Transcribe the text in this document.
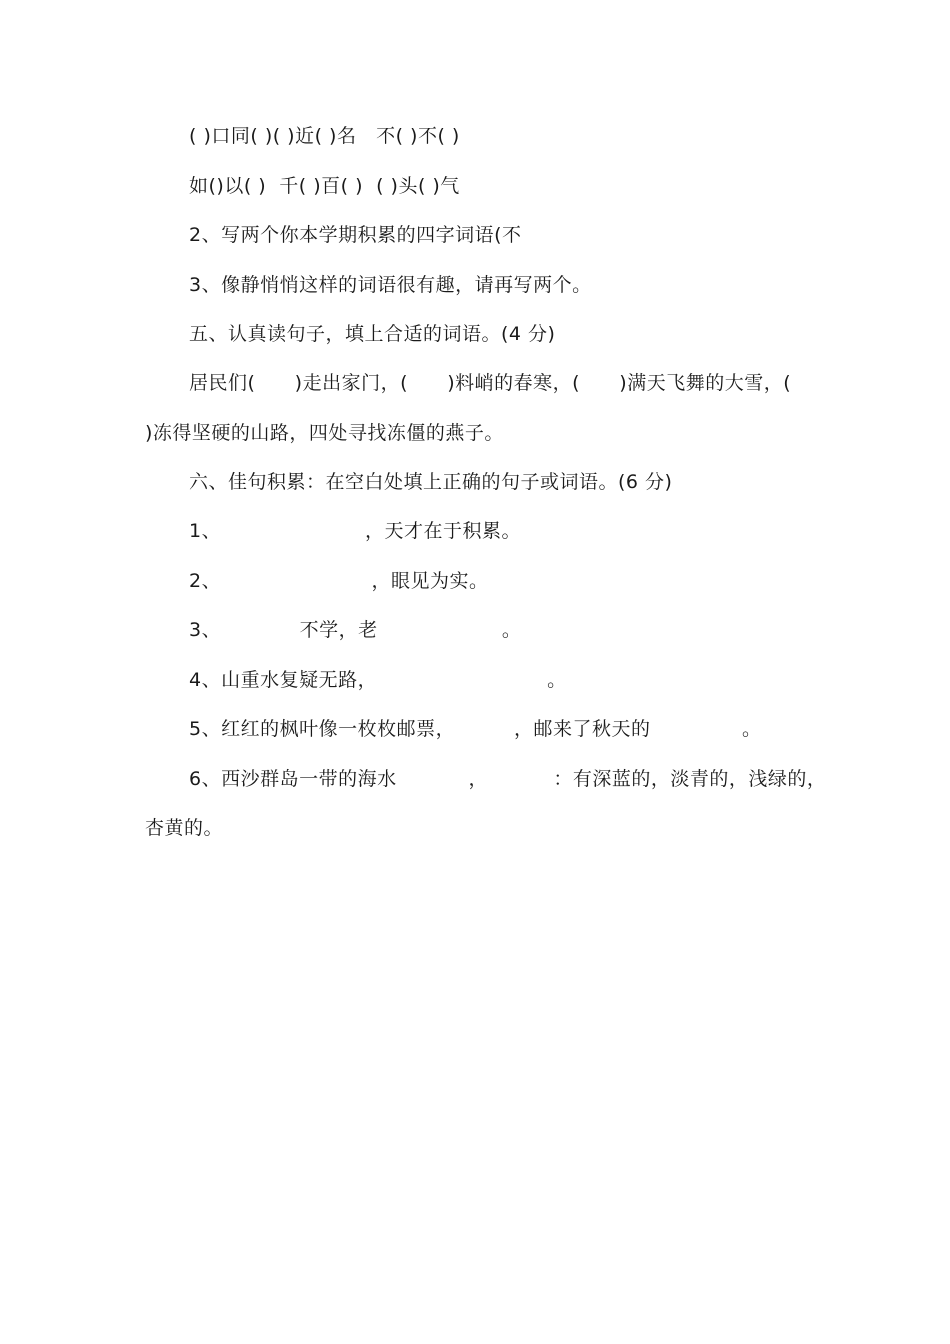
( )口同( )( )近( )名   不( )不( )
如()以( )  千( )百( )  ( )头( )气
2、写两个你本学期积累的四字词语(不
3、像静悄悄这样的词语很有趣，请再写两个。
五、认真读句子，填上合适的词语。(4 分)
居民们(      )走出家门，(      )料峭的春寒，(      )满天飞舞的大雪，(
)冻得坚硬的山路，四处寻找冻僵的燕子。
六、佳句积累：在空白处填上正确的句子或词语。(6 分)
1、                      ，天才在于积累。
2、                       ，眼见为实。
3、            不学，老                   。
4、山重水复疑无路，                          。
5、红红的枫叶像一枚枚邮票，         ，邮来了秋天的              。
6、西沙群岛一带的海水           ，          ：有深蓝的，淡青的，浅绿的，
杏黄的。
